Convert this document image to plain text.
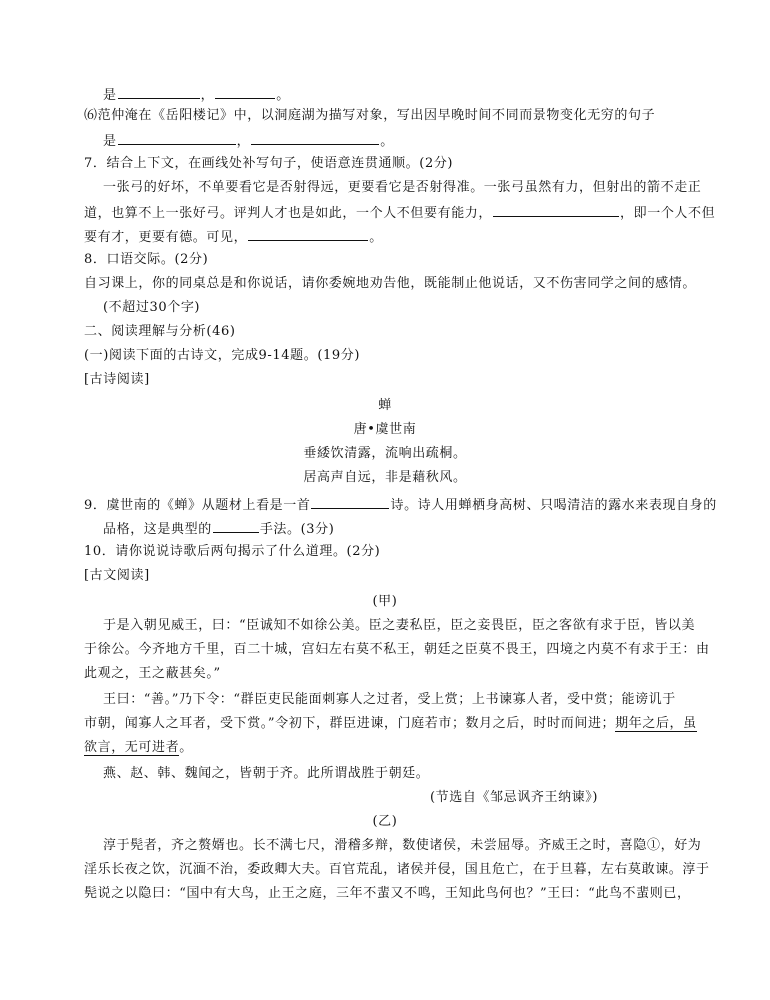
是	，	。
⑹范仲淹在《岳阳楼记》中，以洞庭湖为描写对象，写出因早晚时间不同而景物变化无穷的句子
是	，	。
7．结合上下文，在画线处补写句子，使语意连贯通顺。(2分)
一张弓的好坏，不单要看它是否射得远，更要看它是否射得准。一张弓虽然有力，但射出的箭不走正
道，也算不上一张好弓。评判人才也是如此，一个人不但要有能力，	，即一个人不但
要有才，更要有德。可见，	。
8．口语交际。(2分)
自习课上，你的同桌总是和你说话，请你委婉地劝告他，既能制止他说话，又不伤害同学之间的感情。
(不超过30个字)
二、阅读理解与分析(46)
(一)阅读下面的古诗文，完成9-14题。(19分)
[古诗阅读]
蝉
唐•虞世南
垂緌饮清露，流响出疏桐。
居高声自远，非是藉秋风。
9．虞世南的《蝉》从题材上看是一首	诗。诗人用蝉栖身高树、只喝清洁的露水来表现自身的
品格，这是典型的	手法。(3分)
10．请你说说诗歌后两句揭示了什么道理。(2分)
[古文阅读]
(甲)
于是入朝见威王，曰：“臣诚知不如徐公美。臣之妻私臣，臣之妾畏臣，臣之客欲有求于臣，皆以美
于徐公。今齐地方千里，百二十城，宫妇左右莫不私王，朝廷之臣莫不畏王，四境之内莫不有求于王：由
此观之，王之蔽甚矣。”
王曰：“善。”乃下令：“群臣吏民能面刺寡人之过者，受上赏；上书谏寡人者，受中赏；能谤讥于
市朝，闻寡人之耳者，受下赏。”令初下，群臣进谏，门庭若市；数月之后，时时而间进；期年之后，虽
欲言，无可进者。
燕、赵、韩、魏闻之，皆朝于齐。此所谓战胜于朝廷。
(节选自《邹忌讽齐王纳谏》)
(乙)
淳于髡者，齐之赘婿也。长不满七尺，滑稽多辩，数使诸侯，未尝屈辱。齐威王之时，喜隐①，好为
淫乐长夜之饮，沉湎不治，委政卿大夫。百官荒乱，诸侯并侵，国且危亡，在于旦暮，左右莫敢谏。淳于
髡说之以隐曰：“国中有大鸟，止王之庭，三年不蜚又不鸣，王知此鸟何也？”王曰：“此鸟不蜚则已，
